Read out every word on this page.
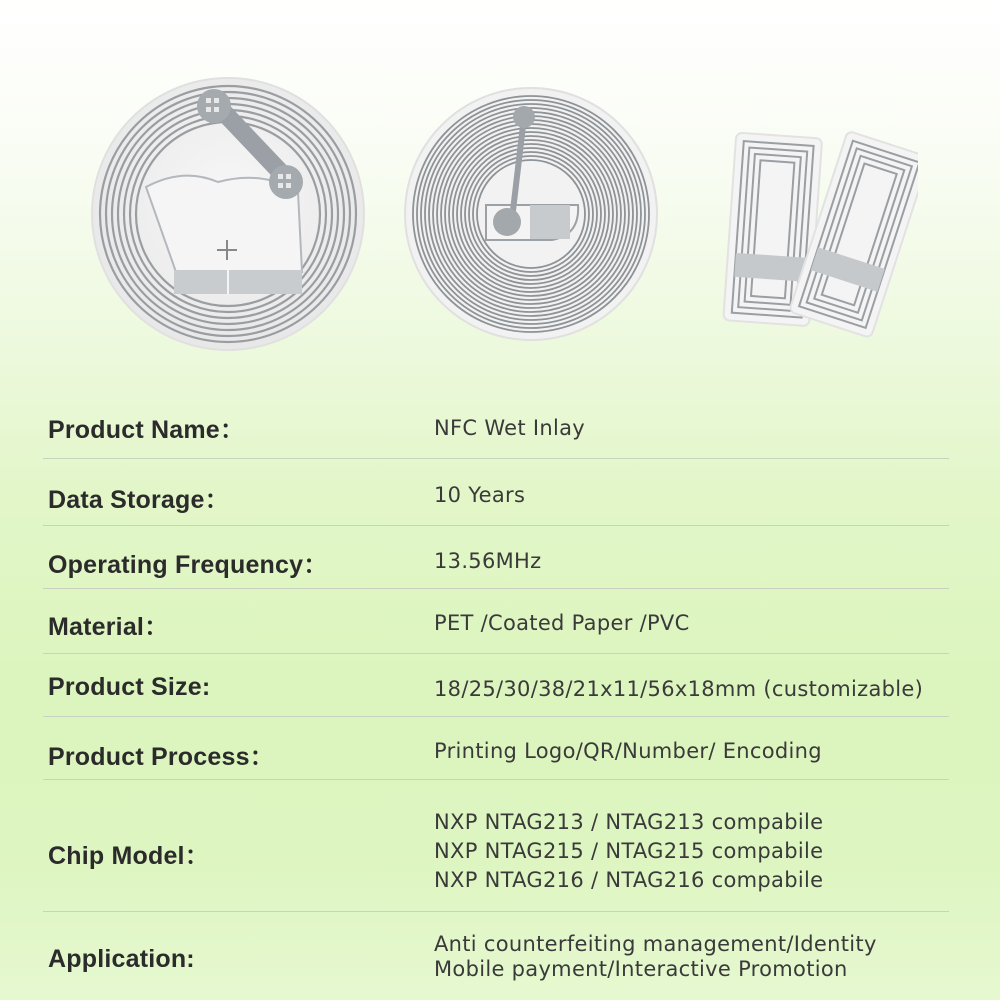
Product Name：	NFC Wet Inlay
Data Storage：	10 Years
Operating Frequency：	13.56MHz
Material：	PET /Coated Paper /PVC
Product Size:	18/25/30/38/21x11/56x18mm (customizable)
Product Process：	Printing Logo/QR/Number/ Encoding
Chip Model：
NXP NTAG213 / NTAG213 compabile
NXP NTAG215 / NTAG215 compabile
NXP NTAG216 / NTAG216 compabile
Application:
Anti counterfeiting management/Identity
Mobile payment/Interactive Promotion
